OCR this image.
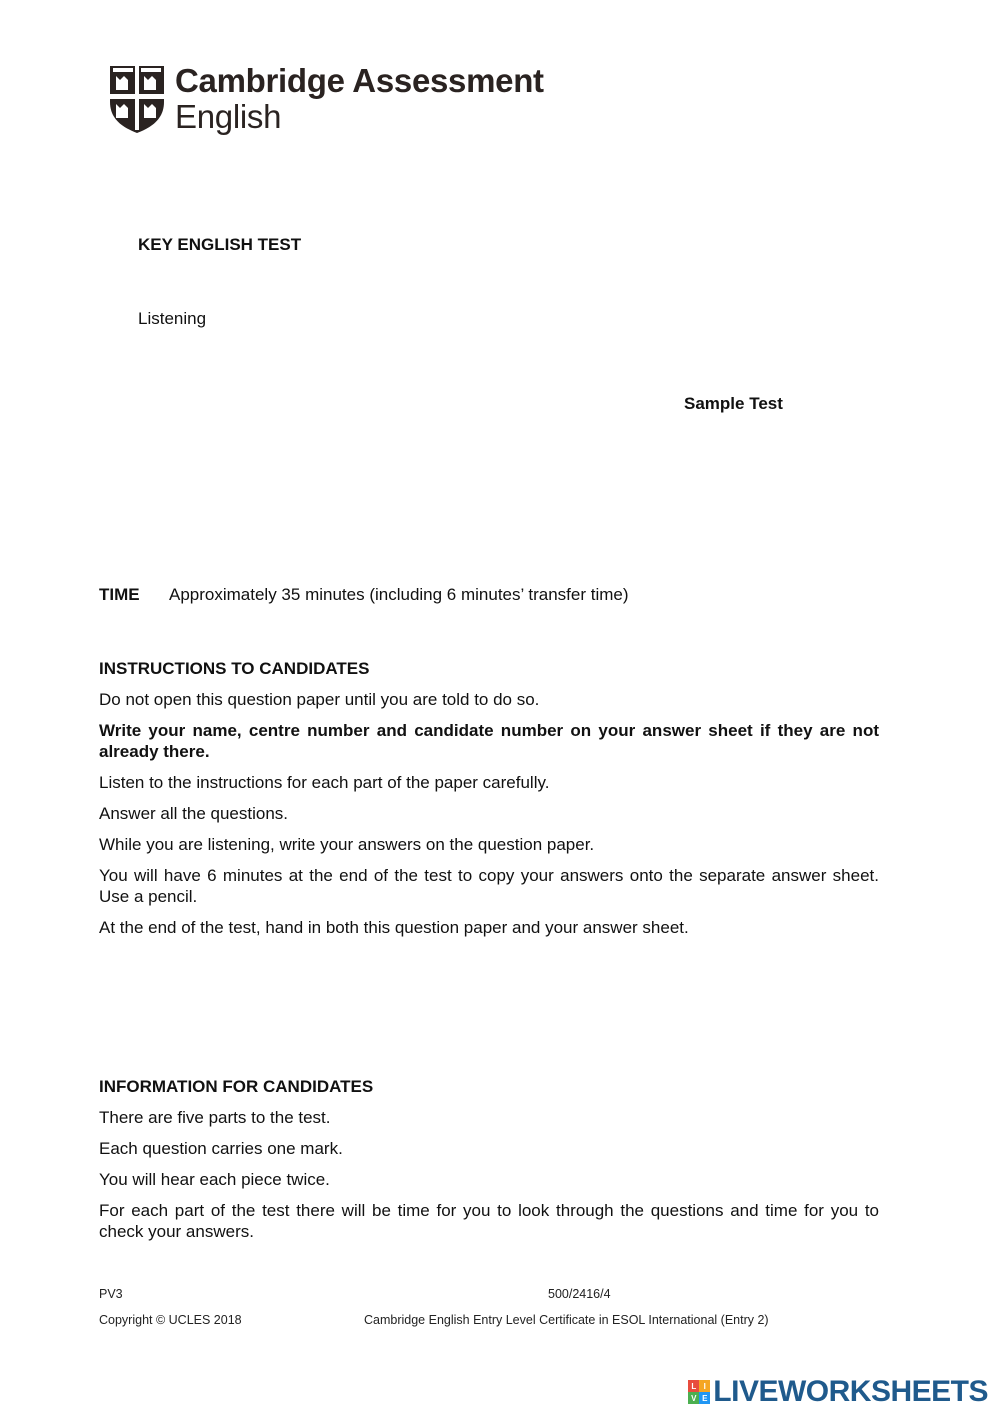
Cambridge Assessment
English
KEY ENGLISH TEST
Listening
Sample Test
TIME Approximately 35 minutes (including 6 minutes’ transfer time)
INSTRUCTIONS TO CANDIDATES

Do not open this question paper until you are told to do so.

Write your name, centre number and candidate number on your answer sheet if they are not already there.

Listen to the instructions for each part of the paper carefully.

Answer all the questions.

While you are listening, write your answers on the question paper.

You will have 6 minutes at the end of the test to copy your answers onto the separate answer sheet. Use a pencil.

At the end of the test, hand in both this question paper and your answer sheet.

INFORMATION FOR CANDIDATES

There are five parts to the test.

Each question carries one mark.

You will hear each piece twice.

For each part of the test there will be time for you to look through the questions and time for you to check your answers.

PV3	500/2416/4
Copyright © UCLES 2018	Cambridge English Entry Level Certificate in ESOL International (Entry 2)
L I
V E LIVEWORKSHEETS
